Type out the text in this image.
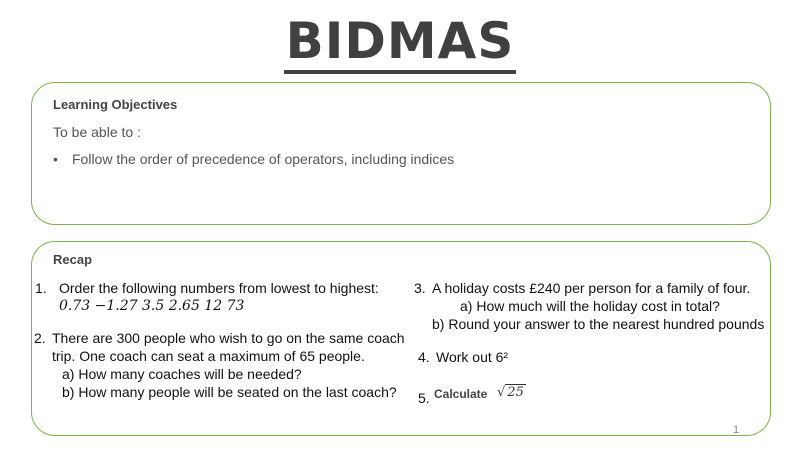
BIDMAS
Learning Objectives
To be able to :
• Follow the order of precedence of operators, including indices
Recap
1. Order the following numbers from lowest to highest:
0.73 −1.27 3.5 2.65 12 73
2. There are 300 people who wish to go on the same coach
trip. One coach can seat a maximum of 65 people.
a) How many coaches will be needed?
b) How many people will be seated on the last coach?
3. A holiday costs £240 per person for a family of four.
a) How much will the holiday cost in total?
b) Round your answer to the nearest hundred pounds
4. Work out 6²
5. Calculate √ 25
1
